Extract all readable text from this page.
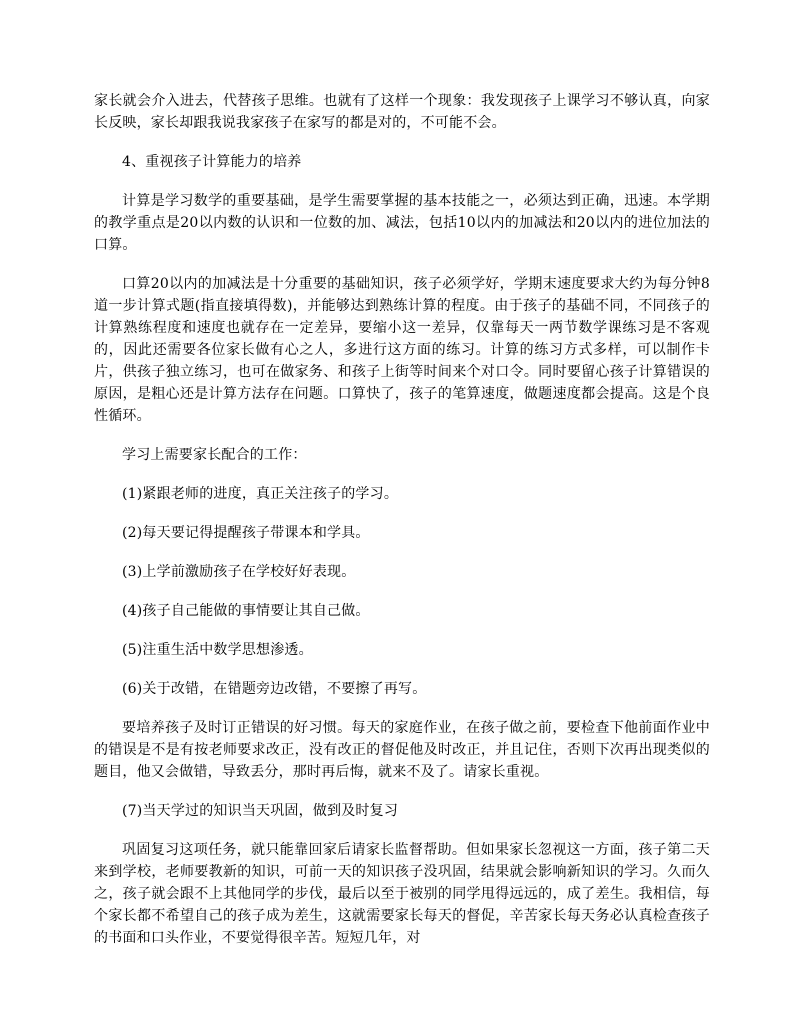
家长就会介入进去，代替孩子思维。也就有了这样一个现象：我发现孩子上课学习不够认真，向家长反映，家长却跟我说我家孩子在家写的都是对的，不可能不会。

4、重视孩子计算能力的培养

计算是学习数学的重要基础，是学生需要掌握的基本技能之一，必须达到正确，迅速。本学期的教学重点是20以内数的认识和一位数的加、减法，包括10以内的加减法和20以内的进位加法的口算。

口算20以内的加减法是十分重要的基础知识，孩子必须学好，学期末速度要求大约为每分钟8道一步计算式题(指直接填得数)，并能够达到熟练计算的程度。由于孩子的基础不同，不同孩子的计算熟练程度和速度也就存在一定差异，要缩小这一差异，仅靠每天一两节数学课练习是不客观的，因此还需要各位家长做有心之人，多进行这方面的练习。计算的练习方式多样，可以制作卡片，供孩子独立练习，也可在做家务、和孩子上街等时间来个对口令。同时要留心孩子计算错误的原因，是粗心还是计算方法存在问题。口算快了，孩子的笔算速度，做题速度都会提高。这是个良性循环。

学习上需要家长配合的工作：

(1)紧跟老师的进度，真正关注孩子的学习。

(2)每天要记得提醒孩子带课本和学具。

(3)上学前激励孩子在学校好好表现。

(4)孩子自己能做的事情要让其自己做。

(5)注重生活中数学思想渗透。

(6)关于改错，在错题旁边改错，不要擦了再写。

要培养孩子及时订正错误的好习惯。每天的家庭作业，在孩子做之前，要检查下他前面作业中的错误是不是有按老师要求改正，没有改正的督促他及时改正，并且记住，否则下次再出现类似的题目，他又会做错，导致丢分，那时再后悔，就来不及了。请家长重视。

(7)当天学过的知识当天巩固，做到及时复习

巩固复习这项任务，就只能靠回家后请家长监督帮助。但如果家长忽视这一方面，孩子第二天来到学校，老师要教新的知识，可前一天的知识孩子没巩固，结果就会影响新知识的学习。久而久之，孩子就会跟不上其他同学的步伐，最后以至于被别的同学甩得远远的，成了差生。我相信，每个家长都不希望自己的孩子成为差生，这就需要家长每天的督促，辛苦家长每天务必认真检查孩子的书面和口头作业，不要觉得很辛苦。短短几年，对
